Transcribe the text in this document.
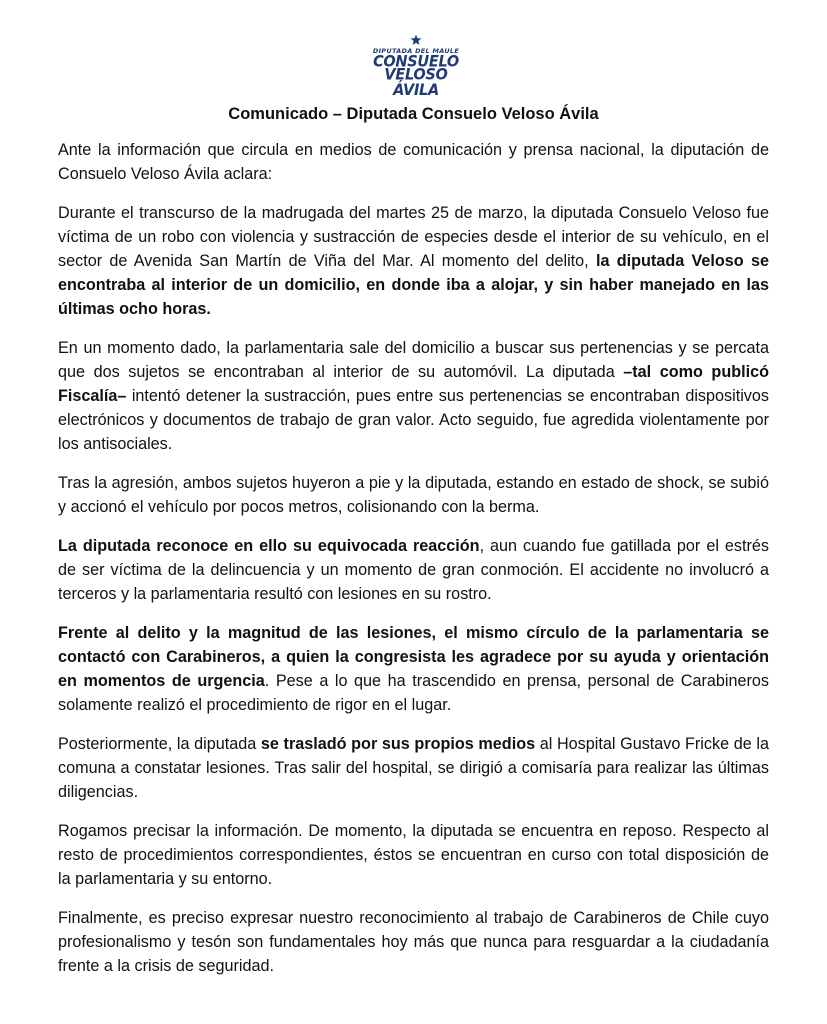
DIPUTADA DEL MAULE
CONSUELO
VELOSO ÁVILA
Comunicado – Diputada Consuelo Veloso Ávila

Ante la información que circula en medios de comunicación y prensa nacional, la diputación de Consuelo Veloso Ávila aclara:

Durante el transcurso de la madrugada del martes 25 de marzo, la diputada Consuelo Veloso fue víctima de un robo con violencia y sustracción de especies desde el interior de su vehículo, en el sector de Avenida San Martín de Viña del Mar. Al momento del delito, la diputada Veloso se encontraba al interior de un domicilio, en donde iba a alojar, y sin haber manejado en las últimas ocho horas.

En un momento dado, la parlamentaria sale del domicilio a buscar sus pertenencias y se percata que dos sujetos se encontraban al interior de su automóvil. La diputada –tal como publicó Fiscalía– intentó detener la sustracción, pues entre sus pertenencias se encontraban dispositivos electrónicos y documentos de trabajo de gran valor. Acto seguido, fue agredida violentamente por los antisociales.

Tras la agresión, ambos sujetos huyeron a pie y la diputada, estando en estado de shock, se subió y accionó el vehículo por pocos metros, colisionando con la berma.

La diputada reconoce en ello su equivocada reacción, aun cuando fue gatillada por el estrés de ser víctima de la delincuencia y un momento de gran conmoción. El accidente no involucró a terceros y la parlamentaria resultó con lesiones en su rostro.

Frente al delito y la magnitud de las lesiones, el mismo círculo de la parlamentaria se contactó con Carabineros, a quien la congresista les agradece por su ayuda y orientación en momentos de urgencia. Pese a lo que ha trascendido en prensa, personal de Carabineros solamente realizó el procedimiento de rigor en el lugar.

Posteriormente, la diputada se trasladó por sus propios medios al Hospital Gustavo Fricke de la comuna a constatar lesiones. Tras salir del hospital, se dirigió a comisaría para realizar las últimas diligencias.

Rogamos precisar la información. De momento, la diputada se encuentra en reposo. Respecto al resto de procedimientos correspondientes, éstos se encuentran en curso con total disposición de la parlamentaria y su entorno.

Finalmente, es preciso expresar nuestro reconocimiento al trabajo de Carabineros de Chile cuyo profesionalismo y tesón son fundamentales hoy más que nunca para resguardar a la ciudadanía frente a la crisis de seguridad.
